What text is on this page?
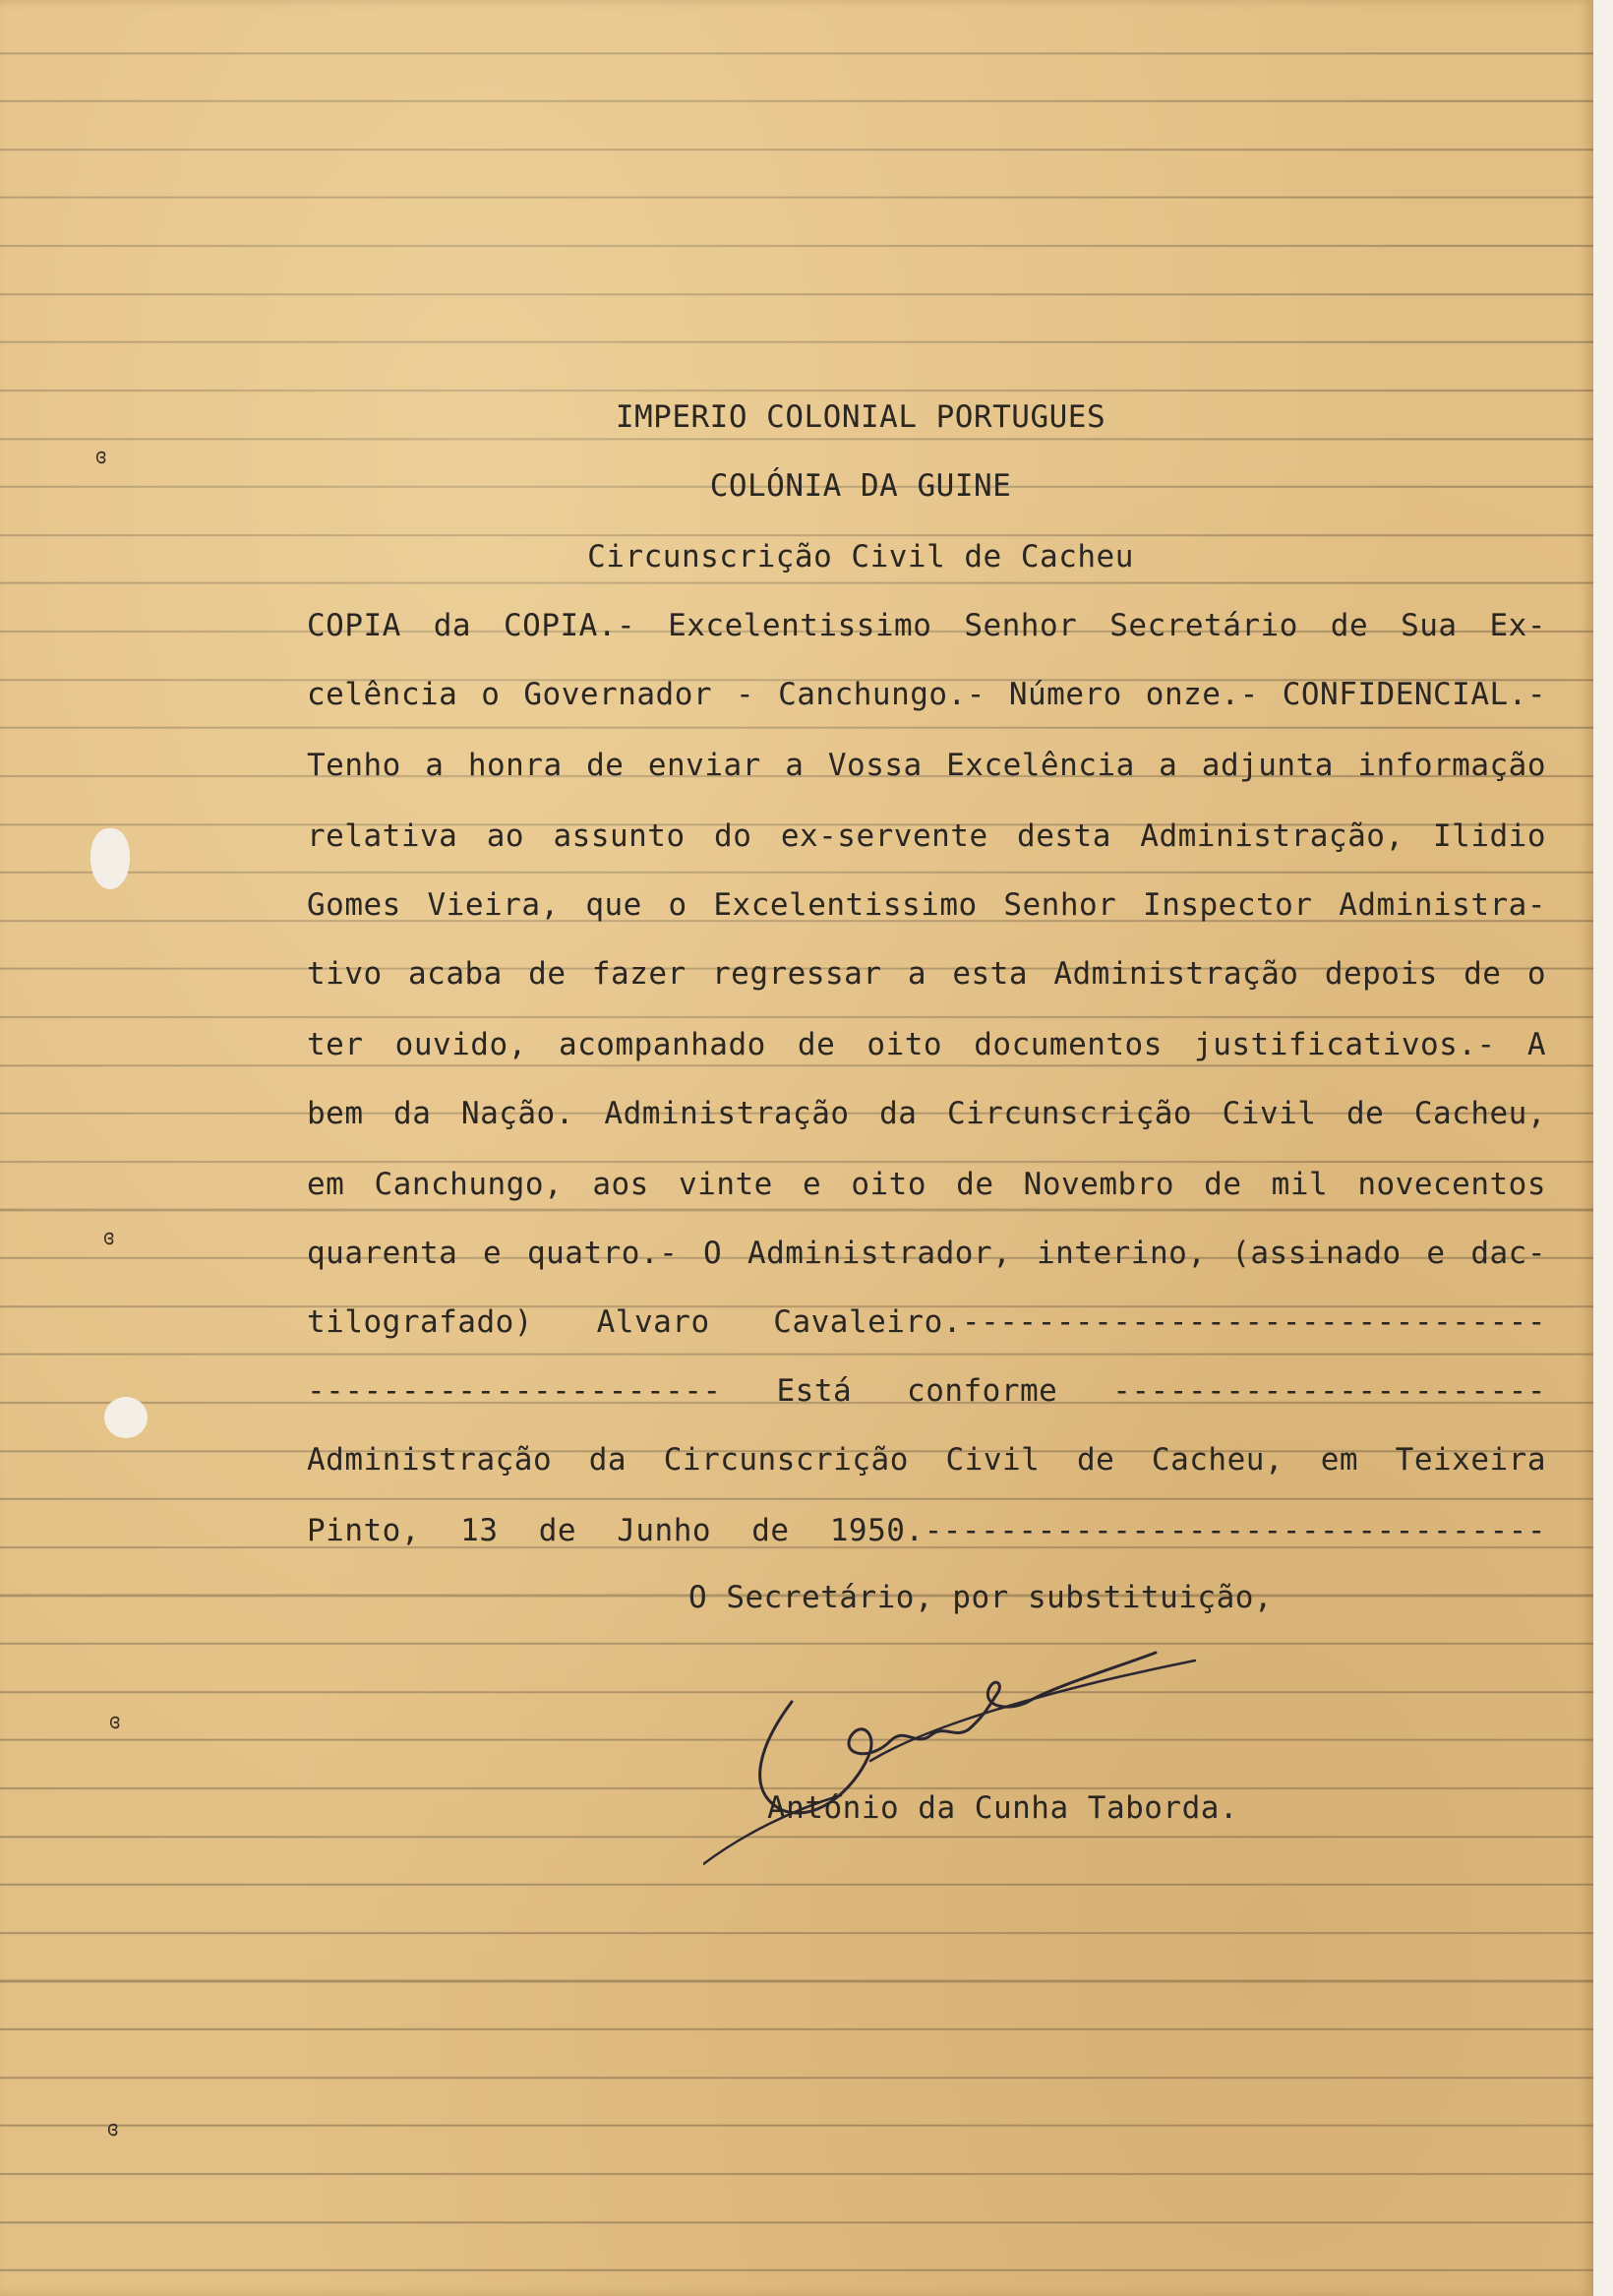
ɞ
ɞ
ɞ
ɞ
IMPERIO COLONIAL PORTUGUES
COLÓNIA DA GUINE
Circunscrição Civil de Cacheu
COPIA da COPIA.- Excelentissimo Senhor Secretário de Sua Ex-
celência o Governador - Canchungo.- Número onze.- CONFIDENCIAL.-
Tenho a honra de enviar a Vossa Excelência a adjunta informação
relativa ao assunto do ex-servente desta Administração, Ilidio
Gomes Vieira, que o Excelentissimo Senhor Inspector Administra-
tivo acaba de fazer regressar a esta Administração depois de o
ter ouvido, acompanhado de oito documentos justificativos.- A
bem da Nação. Administração da Circunscrição Civil de Cacheu,
em Canchungo, aos vinte e oito de Novembro de mil novecentos
quarenta e quatro.- O Administrador, interino, (assinado e dac-
tilografado) Alvaro Cavaleiro.-------------------------------
---------------------- Está conforme -----------------------
Administração da Circunscrição Civil de Cacheu, em Teixeira
Pinto, 13 de Junho de 1950.---------------------------------
O Secretário, por substituição,
António da Cunha Taborda.
